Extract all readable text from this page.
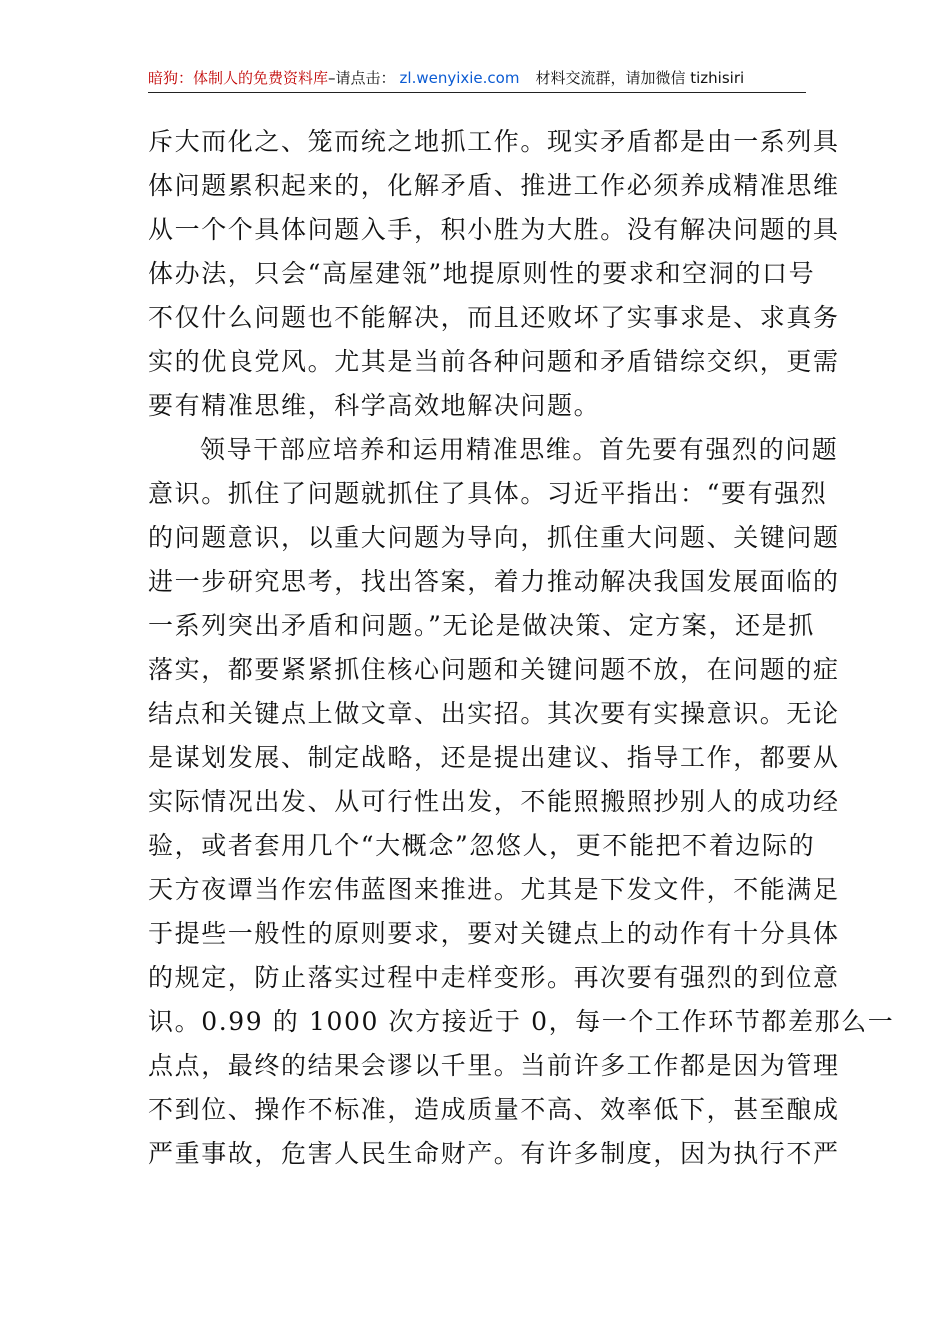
暗狗：体制人的免费资料库–请点击： zl.wenyixie.com 材料交流群，请加微信 tizhisiri
斥大而化之、笼而统之地抓工作。现实矛盾都是由一系列具
体问题累积起来的，化解矛盾、推进工作必须养成精准思维
从一个个具体问题入手，积小胜为大胜。没有解决问题的具
体办法，只会“高屋建瓴”地提原则性的要求和空洞的口号
不仅什么问题也不能解决，而且还败坏了实事求是、求真务
实的优良党风。尤其是当前各种问题和矛盾错综交织，更需
要有精准思维，科学高效地解决问题。
领导干部应培养和运用精准思维。首先要有强烈的问题
意识。抓住了问题就抓住了具体。习近平指出：“要有强烈
的问题意识，以重大问题为导向，抓住重大问题、关键问题
进一步研究思考，找出答案，着力推动解决我国发展面临的
一系列突出矛盾和问题。”无论是做决策、定方案，还是抓
落实，都要紧紧抓住核心问题和关键问题不放，在问题的症
结点和关键点上做文章、出实招。其次要有实操意识。无论
是谋划发展、制定战略，还是提出建议、指导工作，都要从
实际情况出发、从可行性出发，不能照搬照抄别人的成功经
验，或者套用几个“大概念”忽悠人，更不能把不着边际的
天方夜谭当作宏伟蓝图来推进。尤其是下发文件，不能满足
于提些一般性的原则要求，要对关键点上的动作有十分具体
的规定，防止落实过程中走样变形。再次要有强烈的到位意
识。0.99 的 1000 次方接近于 0，每一个工作环节都差那么一
点点，最终的结果会谬以千里。当前许多工作都是因为管理
不到位、操作不标准，造成质量不高、效率低下，甚至酿成
严重事故，危害人民生命财产。有许多制度，因为执行不严
